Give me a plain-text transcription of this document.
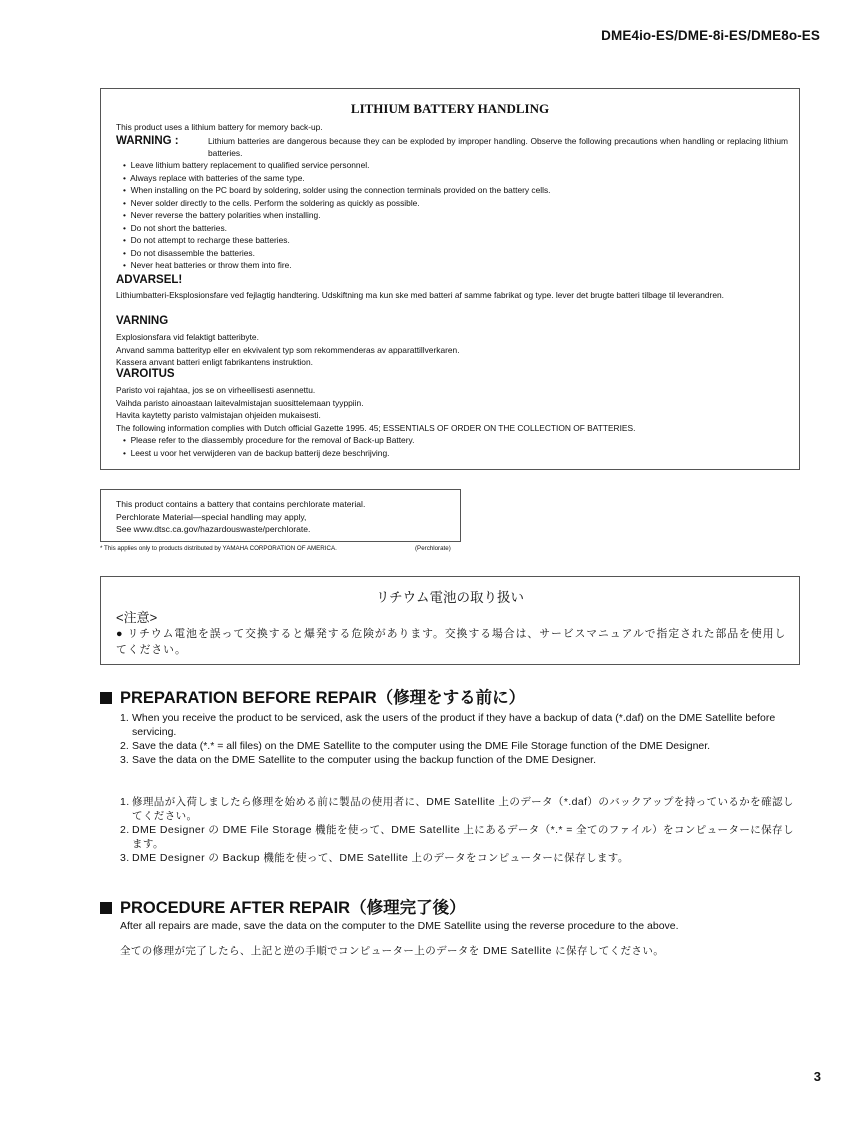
DME4io-ES/DME-8i-ES/DME8o-ES
LITHIUM BATTERY HANDLING
This product uses a lithium battery for memory back-up.
WARNING :	Lithium batteries are dangerous because they can be exploded by improper handling. Observe the following precautions when handling or replacing lithium batteries.
•  Leave lithium battery replacement to qualified service personnel.
•  Always replace with batteries of the same type.
•  When installing on the PC board by soldering, solder using the connection terminals provided on the battery cells.
•  Never solder directly to the cells. Perform the soldering as quickly as possible.
•  Never reverse the battery polarities when installing.
•  Do not short the batteries.
•  Do not attempt to recharge these batteries.
•  Do not disassemble the batteries.
•  Never heat batteries or throw them into fire.
ADVARSEL!
Lithiumbatteri-Eksplosionsfare ved fejlagtig handtering. Udskiftning ma kun ske med batteri af samme fabrikat og type. lever det brugte batteri tilbage til leverandren.
VARNING
Explosionsfara vid felaktigt batteribyte.
Anvand samma batterityp eller en ekvivalent typ som rekommenderas av apparattillverkaren.
Kassera anvant batteri enligt fabrikantens instruktion.
VAROITUS
Paristo voi rajahtaa, jos se on virheellisesti asennettu.
Vaihda paristo ainoastaan laitevalmistajan suosittelemaan tyyppiin.
Havita kaytetty paristo valmistajan ohjeiden mukaisesti.
The following information complies with Dutch official Gazette 1995. 45; ESSENTIALS OF ORDER ON THE COLLECTION OF BATTERIES.
•  Please refer to the diassembly procedure for the removal of Back-up Battery.
•  Leest u voor het verwijderen van de backup batterij deze beschrijving.
This product contains a battery that contains perchlorate material.
Perchlorate Material—special handling may apply,
See www.dtsc.ca.gov/hazardouswaste/perchlorate.
* This applies only to products distributed by YAMAHA CORPORATION OF AMERICA.	(Perchlorate)
リチウム電池の取り扱い
<注意>
● リチウム電池を誤って交換すると爆発する危険があります。交換する場合は、サービスマニュアルで指定された部品を使用してください。
PREPARATION BEFORE REPAIR（修理をする前に）
1. When you receive the product to be serviced, ask the users of the product if they have a backup of data (*.daf) on the DME Satellite before servicing.
2. Save the data (*.* = all files) on the DME Satellite to the computer using the DME File Storage function of the DME Designer.
3. Save the data on the DME Satellite to the computer using the backup function of the DME Designer.
1. 修理品が入荷しましたら修理を始める前に製品の使用者に、DME Satellite 上のデータ（*.daf）のバックアップを持っているかを確認してください。
2. DME Designer の DME File Storage 機能を使って、DME Satellite 上にあるデータ（*.* = 全てのファイル）をコンピューターに保存します。
3. DME Designer の Backup 機能を使って、DME Satellite 上のデータをコンピューターに保存します。
PROCEDURE AFTER REPAIR（修理完了後）
After all repairs are made, save the data on the computer to the DME Satellite using the reverse procedure to the above.
全ての修理が完了したら、上記と逆の手順でコンピューター上のデータを DME Satellite に保存してください。
3
